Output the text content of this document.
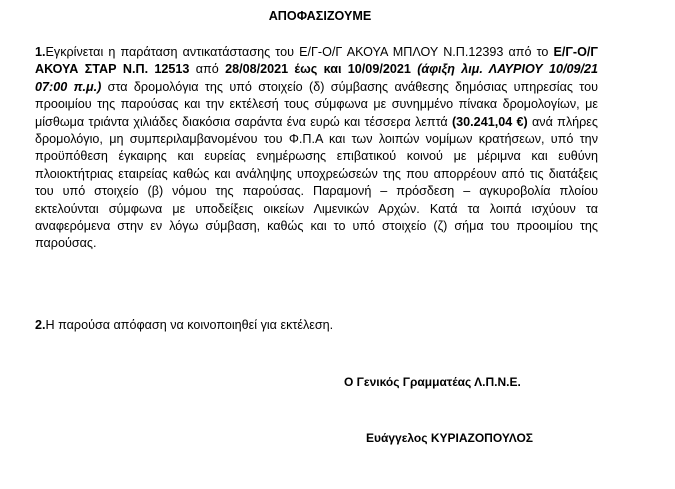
ΑΠΟΦΑΣΙΖΟΥΜΕ
1.Εγκρίνεται η παράταση αντικατάστασης του Ε/Γ-Ο/Γ ΑΚΟΥΑ ΜΠΛΟΥ Ν.Π.12393 από το Ε/Γ-Ο/Γ ΑΚΟΥΑ ΣΤΑΡ Ν.Π. 12513 από 28/08/2021 έως και 10/09/2021 (άφιξη λιμ. ΛΑΥΡΙΟΥ 10/09/21 07:00 π.μ.) στα δρομολόγια της υπό στοιχείο (δ) σύμβασης ανάθεσης δημόσιας υπηρεσίας του προοιμίου της παρούσας και την εκτέλεσή τους σύμφωνα με συνημμένο πίνακα δρομολογίων, με μίσθωμα τριάντα χιλιάδες διακόσια σαράντα ένα ευρώ και τέσσερα λεπτά (30.241,04 €) ανά πλήρες δρομολόγιο, μη συμπεριλαμβανομένου του Φ.Π.Α και των λοιπών νομίμων κρατήσεων, υπό την προϋπόθεση έγκαιρης και ευρείας ενημέρωσης επιβατικού κοινού με μέριμνα και ευθύνη πλοιοκτήτριας εταιρείας καθώς και ανάληψης υποχρεώσεών της που απορρέουν από τις διατάξεις του υπό στοιχείο (β) νόμου της παρούσας. Παραμονή – πρόσδεση – αγκυροβολία πλοίου εκτελούνται σύμφωνα με υποδείξεις οικείων Λιμενικών Αρχών. Κατά τα λοιπά ισχύουν τα αναφερόμενα στην εν λόγω σύμβαση, καθώς και το υπό στοιχείο (ζ) σήμα του προοιμίου της παρούσας.
2.Η παρούσα απόφαση να κοινοποιηθεί για εκτέλεση.
Ο Γενικός Γραμματέας Λ.Π.Ν.Ε.
Ευάγγελος ΚΥΡΙΑΖΟΠΟΥΛΟΣ
